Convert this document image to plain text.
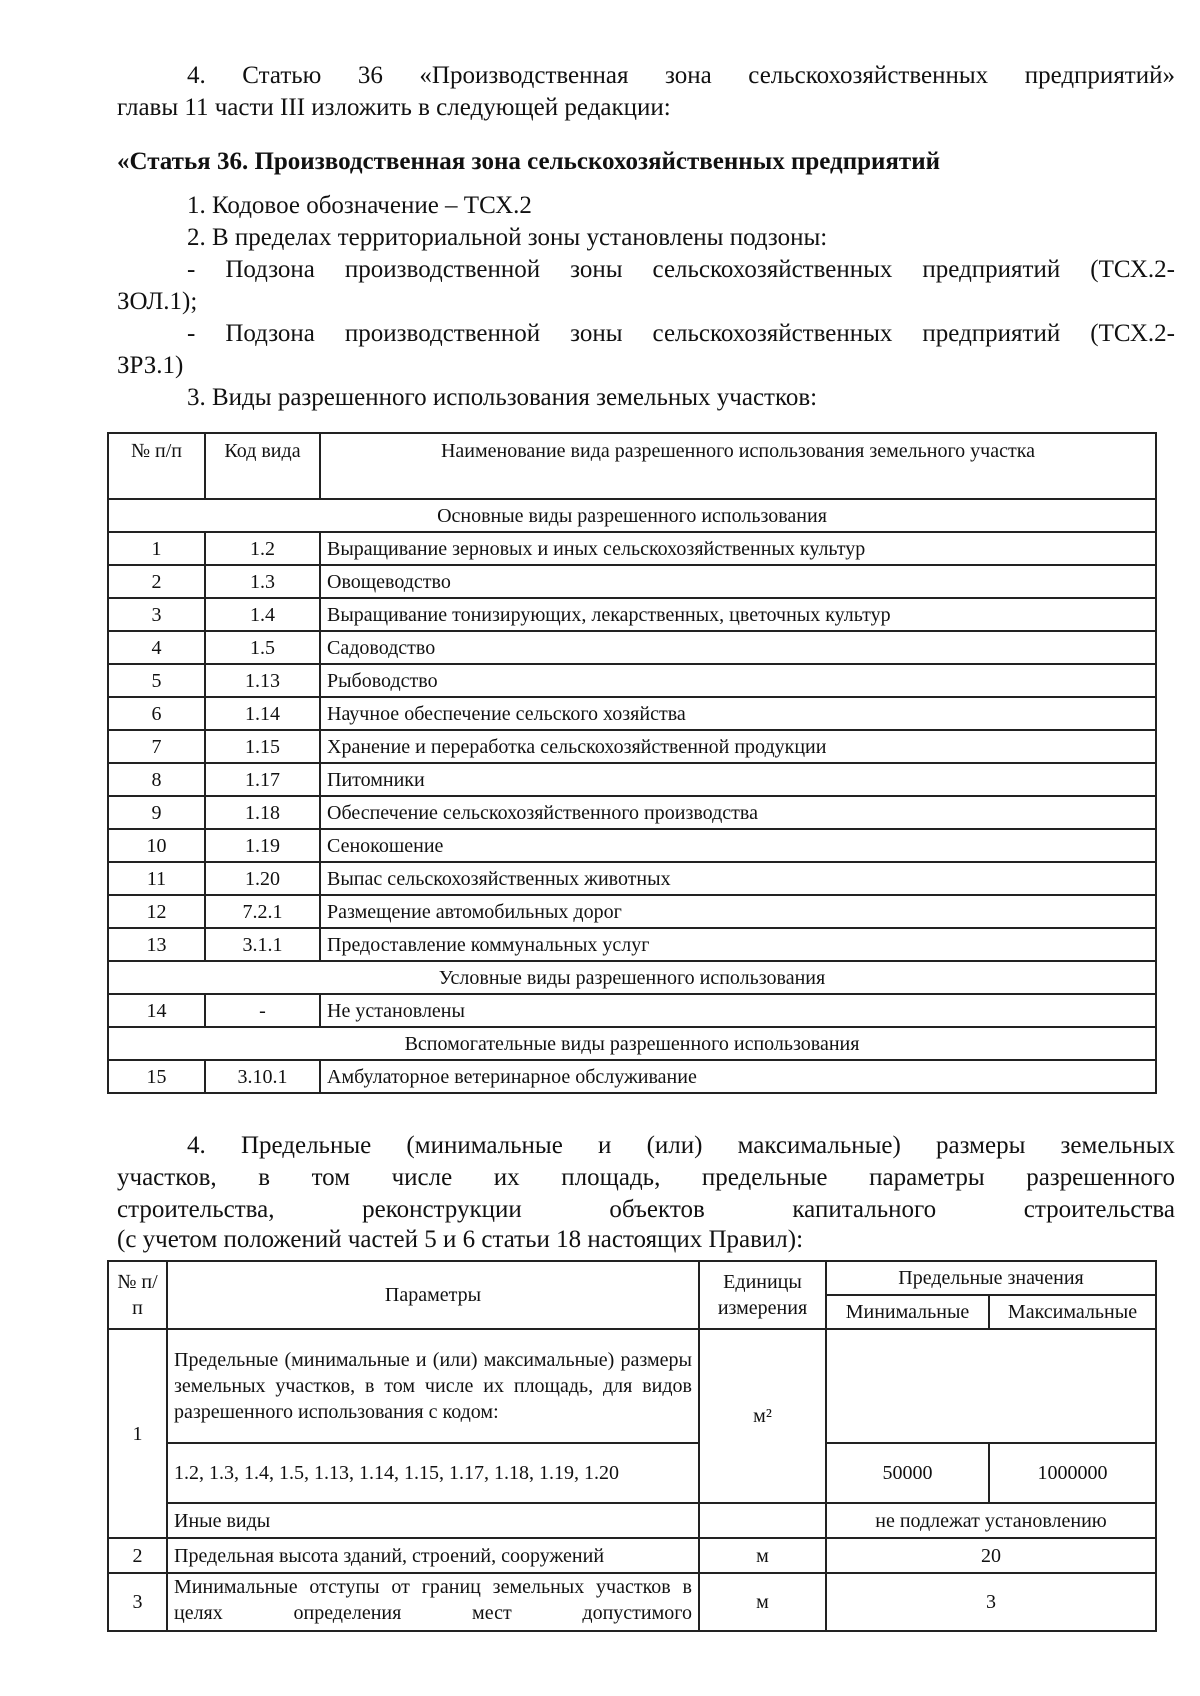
4. Статью 36 «Производственная зона сельскохозяйственных предприятий»

главы 11 части III изложить в следующей редакции:

«Статья 36. Производственная зона сельскохозяйственных предприятий

1. Кодовое обозначение – ТСХ.2

2. В пределах территориальной зоны установлены подзоны:

- Подзона производственной зоны сельскохозяйственных предприятий (ТСХ.2-

ЗОЛ.1);

- Подзона производственной зоны сельскохозяйственных предприятий (ТСХ.2-

ЗРЗ.1)

3. Виды разрешенного использования земельных участков:

№ п/п	Код вида	Наименование вида разрешенного использования земельного участка
Основные виды разрешенного использования		
1	1.2	Выращивание зерновых и иных сельскохозяйственных культур
2	1.3	Овощеводство
3	1.4	Выращивание тонизирующих, лекарственных, цветочных культур
4	1.5	Садоводство
5	1.13	Рыбоводство
6	1.14	Научное обеспечение сельского хозяйства
7	1.15	Хранение и переработка сельскохозяйственной продукции
8	1.17	Питомники
9	1.18	Обеспечение сельскохозяйственного производства
10	1.19	Сенокошение
11	1.20	Выпас сельскохозяйственных животных
12	7.2.1	Размещение автомобильных дорог
13	3.1.1	Предоставление коммунальных услуг
Условные виды разрешенного использования		
14	-	Не установлены
Вспомогательные виды разрешенного использования		
15	3.10.1	Амбулаторное ветеринарное обслуживание

4. Предельные (минимальные и (или) максимальные) размеры земельных

участков, в том числе их площадь, предельные параметры разрешенного

строительства, реконструкции объектов капитального строительства

(с учетом положений частей 5 и 6 статьи 18 настоящих Правил):

№ п/п	Параметры	Единицы измерения	Предельные значения	
			Минимальные	Максимальные
1	Предельные (минимальные и (или) максимальные) размеры земельных участков, в том числе их площадь, для видов разрешенного использования с кодом:	м²		
	1.2, 1.3, 1.4, 1.5, 1.13, 1.14, 1.15, 1.17, 1.18, 1.19, 1.20		50000	1000000
	Иные виды		не подлежат установлению	
2	Предельная высота зданий, строений, сооружений	м	20	
3	Минимальные отступы от границ земельных участков в целях определения мест допустимого	м	3	
